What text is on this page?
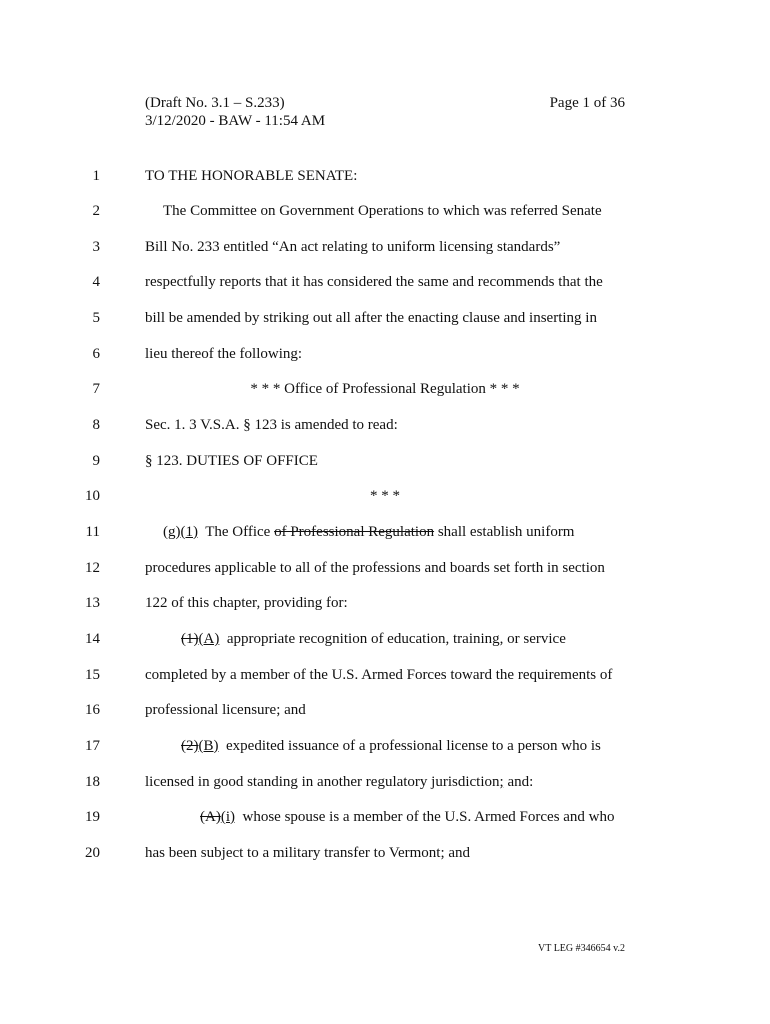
(Draft No. 3.1 – S.233)
3/12/2020 - BAW - 11:54 AM
Page 1 of 36
1	TO THE HONORABLE SENATE:
2	The Committee on Government Operations to which was referred Senate
3	Bill No. 233 entitled “An act relating to uniform licensing standards”
4	respectfully reports that it has considered the same and recommends that the
5	bill be amended by striking out all after the enacting clause and inserting in
6	lieu thereof the following:
7	* * * Office of Professional Regulation * * *
8	Sec. 1. 3 V.S.A. § 123 is amended to read:
9	§ 123. DUTIES OF OFFICE
10	* * *
11	(g)(1)  The Office of Professional Regulation shall establish uniform
12	procedures applicable to all of the professions and boards set forth in section
13	122 of this chapter, providing for:
14	(1)(A)  appropriate recognition of education, training, or service
15	completed by a member of the U.S. Armed Forces toward the requirements of
16	professional licensure; and
17	(2)(B)  expedited issuance of a professional license to a person who is
18	licensed in good standing in another regulatory jurisdiction; and:
19	(A)(i)  whose spouse is a member of the U.S. Armed Forces and who
20	has been subject to a military transfer to Vermont; and
VT LEG #346654 v.2
